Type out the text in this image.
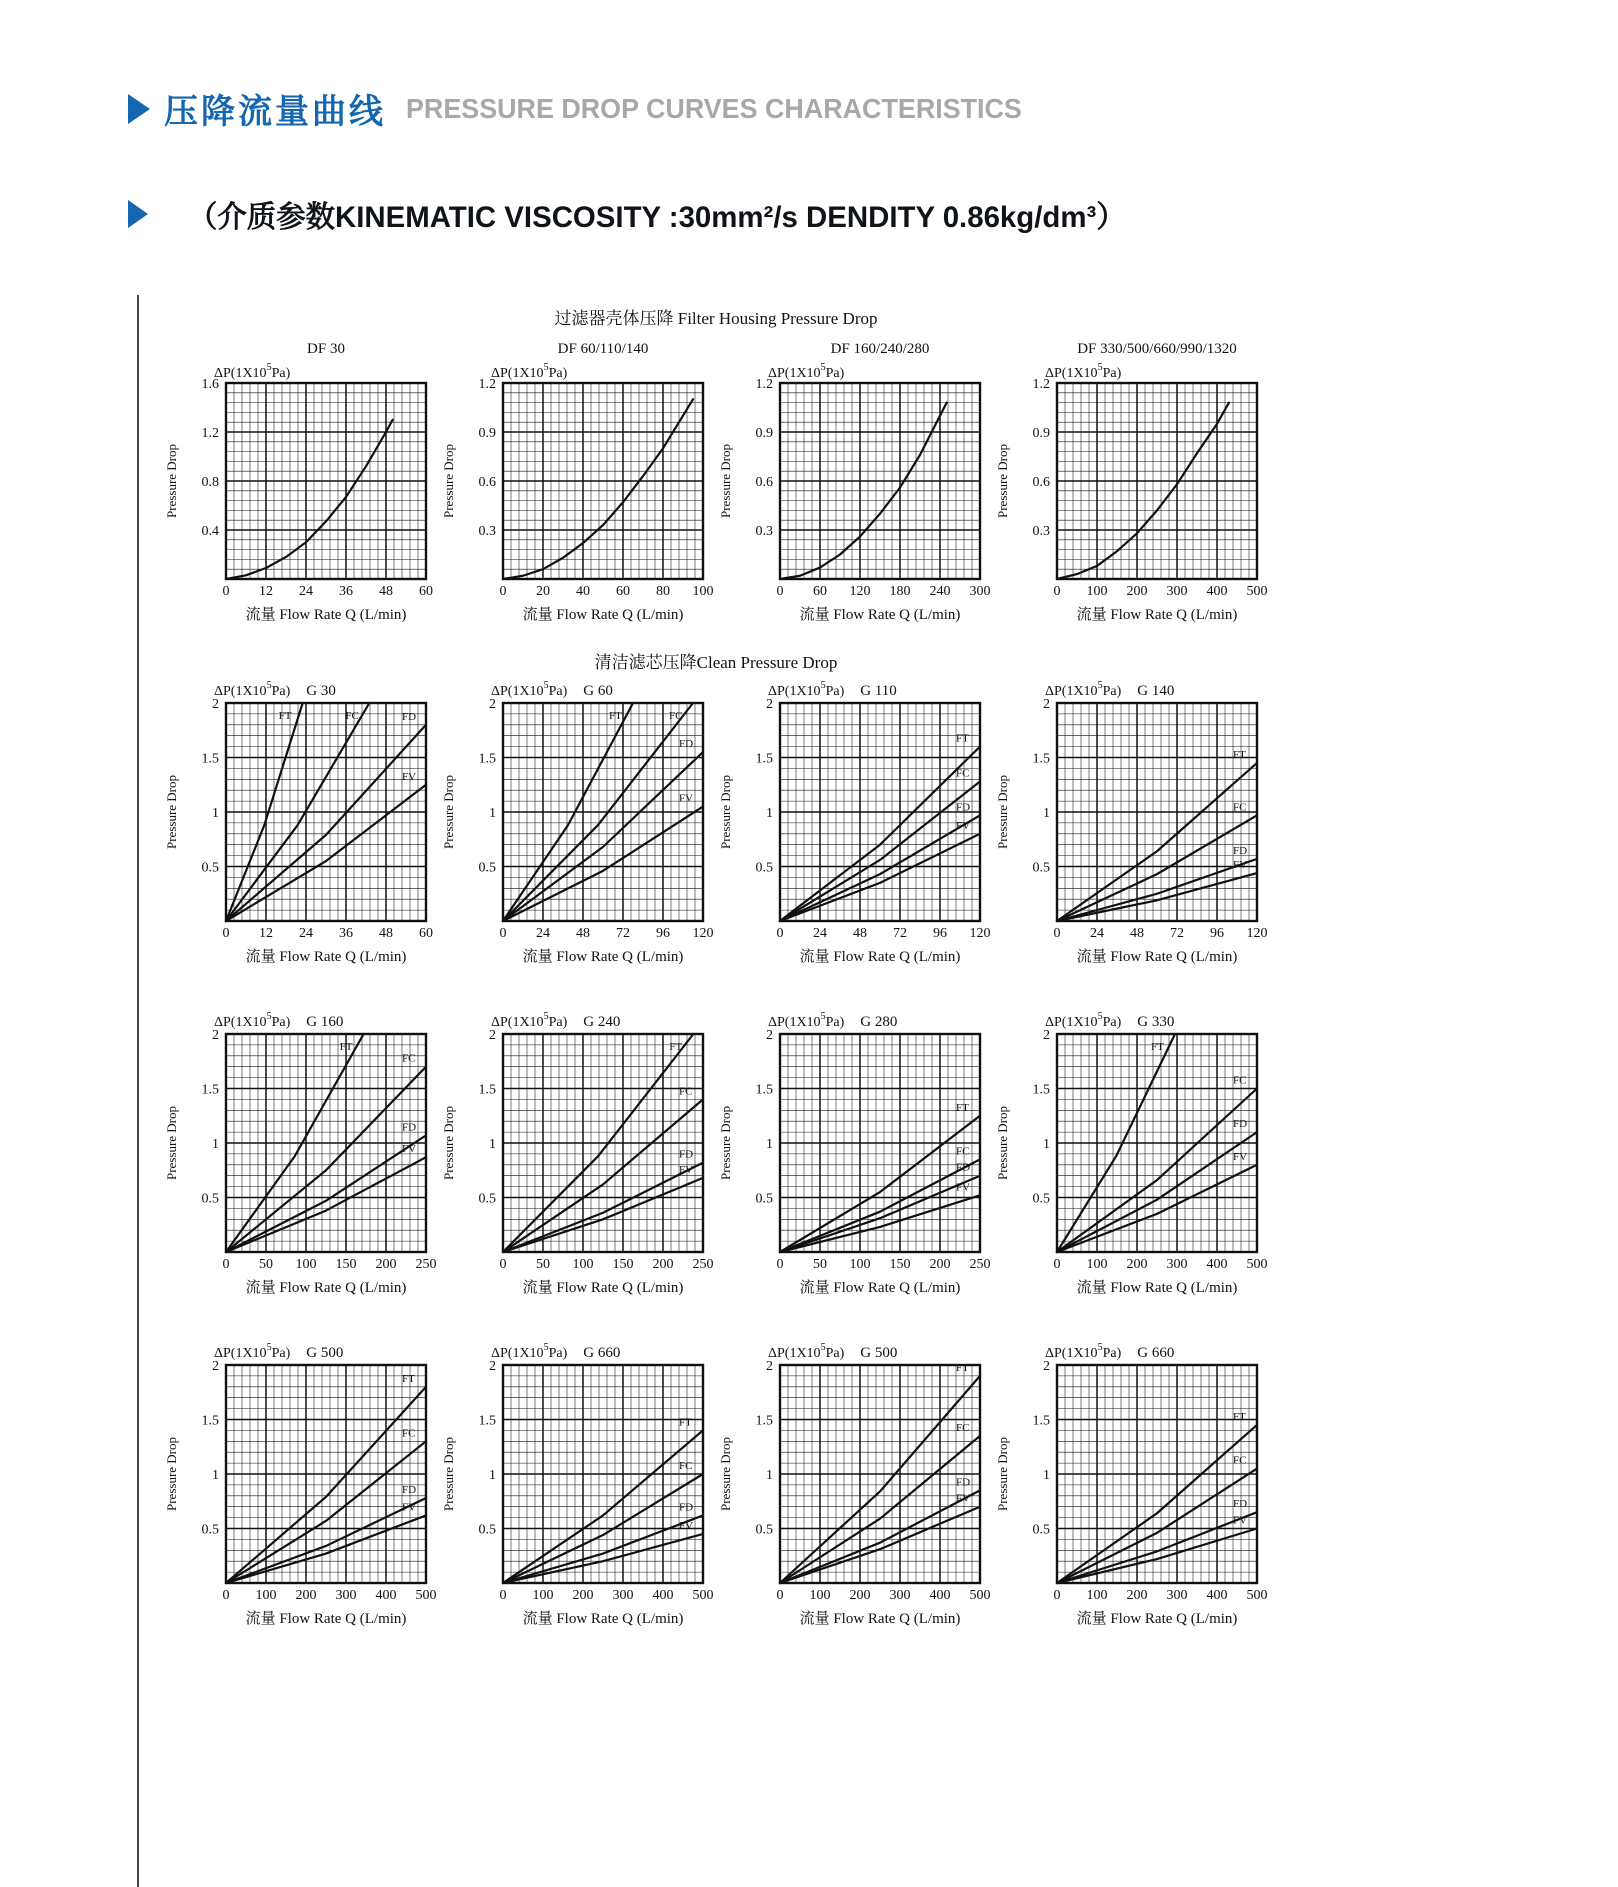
压降流量曲线 PRESSURE DROP CURVES CHARACTERISTICS
（介质参数KINEMATIC VISCOSITY :30mm²/s DENDITY 0.86kg/dm³）
过滤器壳体压降 Filter Housing Pressure Drop
DF 30
$\Delta P(1X10^5Pa)$
0 12 24 36 48 60
0.4
0.8
1.2
1.6
Pressure Drop
流量 Flow Rate Q (L/min)
DF 60/110/140
$\Delta P(1X10^5Pa)$
0 20 40 60 80 100
0.3
0.6
0.9
1.2
Pressure Drop
流量 Flow Rate Q (L/min)
DF 160/240/280
$\Delta P(1X10^5Pa)$
0 60 120 180 240 300
0.3
0.6
0.9
1.2
Pressure Drop
流量 Flow Rate Q (L/min)
DF 330/500/660/990/1320
$\Delta P(1X10^5Pa)$
0 100 200 300 400 500
0.3
0.6
0.9
1.2
Pressure Drop
流量 Flow Rate Q (L/min)
清洁滤芯压降Clean Pressure Drop
$\Delta P(1X10^5Pa)$ G 30
0 12 24 36 48 60
0.5
1
1.5
2
Pressure Drop
流量 Flow Rate Q (L/min)
FT	FC	FD
FV
$\Delta P(1X10^5Pa)$ G 60
0 24 48 72 96 120
0.5
1
1.5
2
Pressure Drop
流量 Flow Rate Q (L/min)
FT	FC
FD
FV
$\Delta P(1X10^5Pa)$ G 110
0 24 48 72 96 120
0.5
1
1.5
2
Pressure Drop
流量 Flow Rate Q (L/min)
FT
FC
FD
FV
$\Delta P(1X10^5Pa)$ G 140
0 24 48 72 96 120
0.5
1
1.5
2
Pressure Drop
流量 Flow Rate Q (L/min)
FT
FC
FD
FV
$\Delta P(1X10^5Pa)$ G 160
0 50 100 150 200 250
0.5
1
1.5
2
Pressure Drop
流量 Flow Rate Q (L/min)
FT
FC
FD
FV
$\Delta P(1X10^5Pa)$ G 240
0 50 100 150 200 250
0.5
1
1.5
2
Pressure Drop
流量 Flow Rate Q (L/min)
FT
FC
FD
FV
$\Delta P(1X10^5Pa)$ G 280
0 50 100 150 200 250
0.5
1
1.5
2
Pressure Drop
流量 Flow Rate Q (L/min)
FT
FC
FD
FV
$\Delta P(1X10^5Pa)$ G 330
0 100 200 300 400 500
0.5
1
1.5
2
Pressure Drop
流量 Flow Rate Q (L/min)
FT
FC
FD
FV
$\Delta P(1X10^5Pa)$ G 500
0 100 200 300 400 500
0.5
1
1.5
2
Pressure Drop
流量 Flow Rate Q (L/min)
FT
FC
FD
FV
$\Delta P(1X10^5Pa)$ G 660
0 100 200 300 400 500
0.5
1
1.5
2
Pressure Drop
流量 Flow Rate Q (L/min)
FT
FC
FD
FV
$\Delta P(1X10^5Pa)$ G 500
0 100 200 300 400 500
0.5
1
1.5
2
Pressure Drop
流量 Flow Rate Q (L/min)
FT
FC
FD
FV
$\Delta P(1X10^5Pa)$ G 660
0 100 200 300 400 500
0.5
1
1.5
2
Pressure Drop
流量 Flow Rate Q (L/min)
FT
FC
FD
FV
